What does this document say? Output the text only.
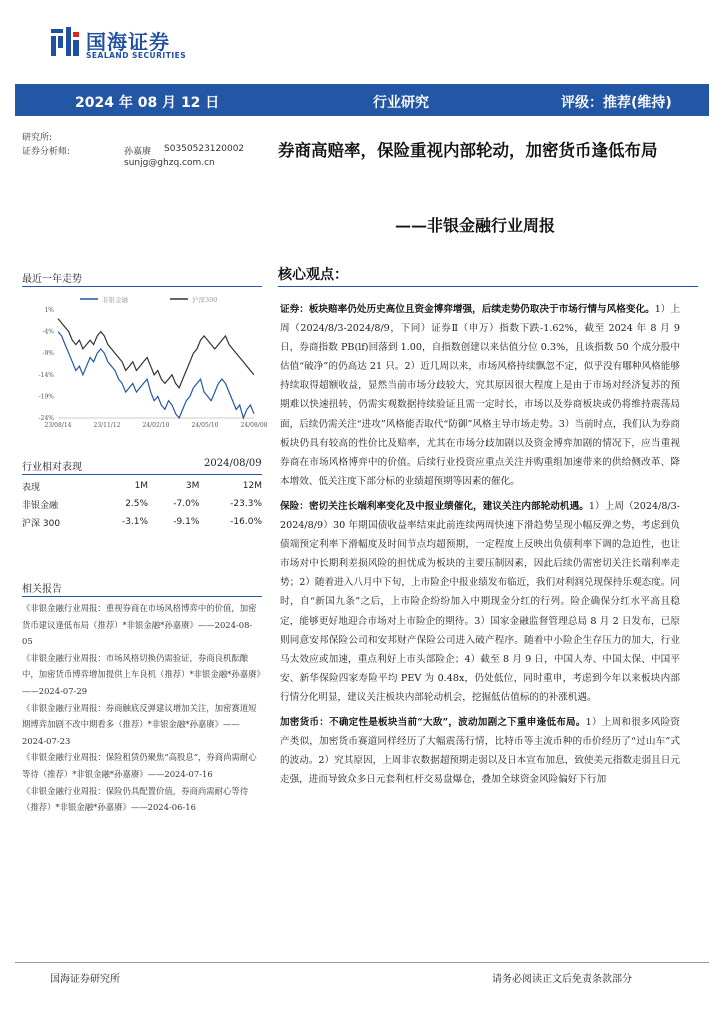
国海证券
SEALAND SECURITIES
2024 年 08 月 12 日	行业研究	评级：推荐(维持)
研究所:
证券分析师:	孙嘉赓 S0350523120002
sunjg@ghzq.com.cn
券商高赔率，保险重视内部轮动，加密货币逢低布局
——非银金融行业周报
最近一年走势
非银金融	沪深300
1%
-4%
-9%
-14%
-19%
-24%
23/08/14	23/11/12	24/02/10	24/05/10	24/08/08
行业相对表现	2024/08/09
表现	1M	3M	12M
非银金融	2.5%	-7.0%	-23.3%
沪深 300	-3.1%	-9.1%	-16.0%
相关报告
《非银金融行业周报：重视券商在市场风格博弈中的价值，加密货币建议逢低布局（推荐）*非银金融*孙嘉赓》——2024-08-05
《非银金融行业周报：市场风格切换仍需验证，券商良机酝酿中，加密货币博弈增加提供上车良机（推荐）*非银金融*孙嘉赓》——2024-07-29
《非银金融行业周报：券商触底反弹建议增加关注，加密赛道短期博弈加剧不改中期看多（推荐）*非银金融*孙嘉赓》——2024-07-23
《非银金融行业周报：保险租赁仍聚焦“高股息”，券商尚需耐心等待（推荐）*非银金融*孙嘉赓》——2024-07-16
《非银金融行业周报：保险仍具配置价值，券商尚需耐心等待（推荐）*非银金融*孙嘉赓》——2024-06-16
核心观点：

证券：板块赔率仍处历史高位且资金博弈增强，后续走势仍取决于市场行情与风格变化。1）上周（2024/8/3-2024/8/9，下同）证券Ⅱ（申万）指数下跌-1.62%，截至 2024 年 8 月 9 日，券商指数 PB(lf)回落到 1.00，自指数创建以来估值分位 0.3%，且该指数 50 个成分股中估值“破净”的仍高达 21 只。2）近几周以来，市场风格持续飘忽不定，似乎没有哪种风格能够持续取得超额收益，显然当前市场分歧较大，究其原因很大程度上是由于市场对经济复苏的预期难以快速扭转，仍需实观数据持续验证且需一定时长，市场以及券商板块或仍将维持震荡局面，后续仍需关注“进攻”风格能否取代“防御”风格主导市场走势。3）当前时点，我们认为券商板块仍具有较高的性价比及赔率，尤其在市场分歧加剧以及资金博弈加剧的情况下，应当重视券商在市场风格博弈中的价值。后续行业投资应重点关注并购重组加速带来的供给侧改革、降本增效、低关注度下部分标的业绩超预期等因素的催化。

保险：密切关注长端利率变化及中报业绩催化，建议关注内部轮动机遇。1）上周（2024/8/3-2024/8/9）30 年期国债收益率结束此前连续两周快速下滑趋势呈现小幅反弹之势，考虑到负债端预定利率下滑幅度及时间节点均超预期，一定程度上反映出负债利率下调的急迫性，也让市场对中长期利差损风险的担忧成为板块的主要压制因素，因此后续仍需密切关注长端利率走势；2）随着进入八月中下旬，上市险企中报业绩发布临近，我们对利润兑现保持乐观态度。同时，自“新国九条”之后，上市险企纷纷加入中期现金分红的行列。险企确保分红水平高且稳定，能够更好地迎合市场对上市险企的期待。3）国家金融监督管理总局 8 月 2 日发布，已原则同意安邦保险公司和安邦财产保险公司进入破产程序。随着中小险企生存压力的加大，行业马太效应或加速，重点利好上市头部险企；4）截至 8 月 9 日，中国人寿、中国太保、中国平安、新华保险四家寿险平均 PEV 为 0.48x，仍处低位，同时重申，考虑到今年以来板块内部行情分化明显，建议关注板块内部轮动机会，挖掘低估值标的的补涨机遇。

加密货币：不确定性是板块当前“大敌”，波动加剧之下重申逢低布局。1）上周和很多风险资产类似，加密货币赛道同样经历了大幅震荡行情，比特币等主流币种的币价经历了“过山车”式的波动。2）究其原因，上周非农数据超预期走弱以及日本宣布加息，致使美元指数走弱且日元走强，进而导致众多日元套利杠杆交易盘爆仓，叠加全球资金风险偏好下行加

国海证券研究所	请务必阅读正文后免责条款部分
